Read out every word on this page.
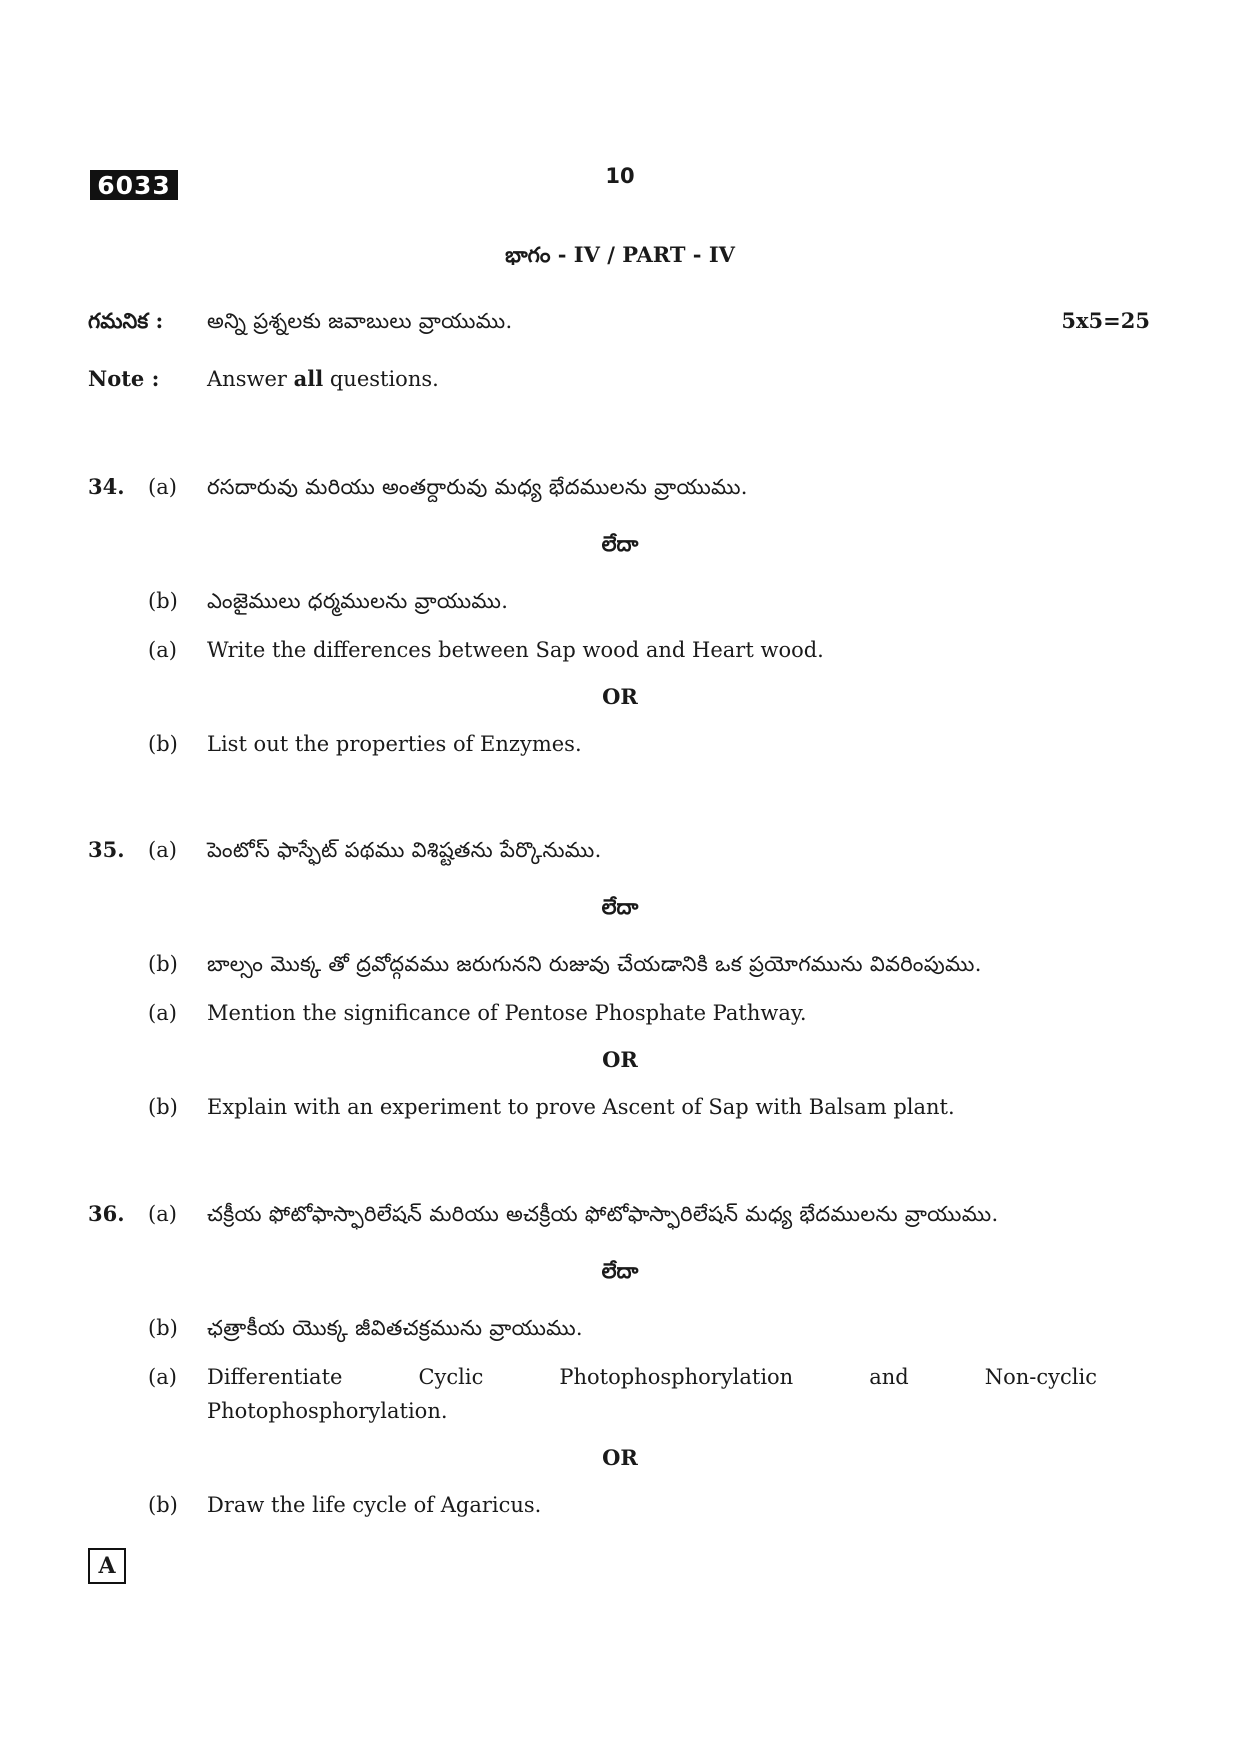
6033	10
భాగం - IV / PART - IV
గమనిక : అన్ని ప్రశ్నలకు జవాబులు వ్రాయుము.	5x5=25
Note : Answer all questions.
34. (a) రసదారువు మరియు అంతర్దారువు మధ్య భేదములను వ్రాయుము.
లేదా
(b) ఎంజైములు ధర్మములను వ్రాయుము.
(a) Write the differences between Sap wood and Heart wood.
OR
(b) List out the properties of Enzymes.
35. (a) పెంటోస్ ఫాస్ఫేట్ పథము విశిష్టతను పేర్కొనుము.
లేదా
(b) బాల్సం మొక్క తో ద్రవోద్గవము జరుగునని రుజువు చేయడానికి ఒక ప్రయోగమును వివరింపుము.
(a) Mention the significance of Pentose Phosphate Pathway.
OR
(b) Explain with an experiment to prove Ascent of Sap with Balsam plant.
36. (a) చక్రీయ ఫోటోఫాస్ఫారిలేషన్ మరియు అచక్రీయ ఫోటోఫాస్ఫారిలేషన్ మధ్య భేదములను వ్రాయుము.
లేదా
(b) ఛత్రాకీయ యొక్క జీవితచక్రమును వ్రాయుము.
(a) Differentiate	Cyclic	Photophosphorylation	and	Non-cyclic
Photophosphorylation.
OR
(b) Draw the life cycle of Agaricus.
A
